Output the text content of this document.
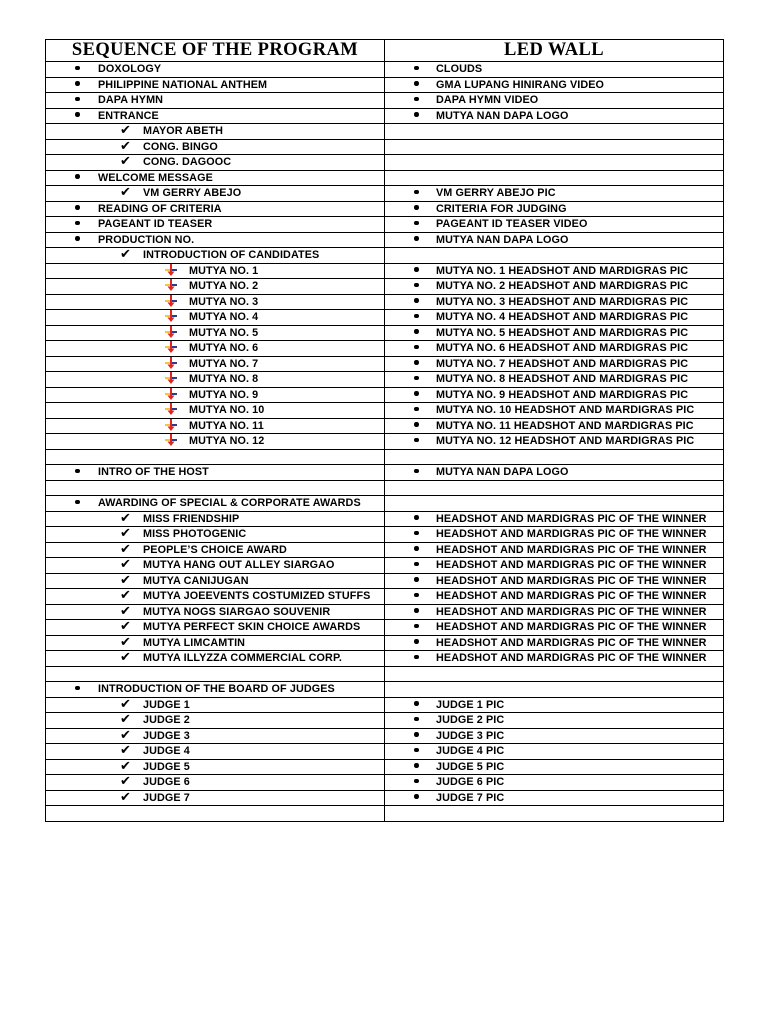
SEQUENCE OF THE PROGRAM	LED WALL

DOXOLOGY	CLOUDS

PHILIPPINE NATIONAL ANTHEM	GMA LUPANG HINIRANG VIDEO

DAPA HYMN	DAPA HYMN VIDEO

ENTRANCE	MUTYA NAN DAPA LOGO

✔ MAYOR ABETH	

✔ CONG. BINGO	

✔ CONG. DAGOOC	

WELCOME MESSAGE	

✔ VM GERRY ABEJO	VM GERRY ABEJO PIC

READING OF CRITERIA	CRITERIA FOR JUDGING

PAGEANT ID TEASER	PAGEANT ID TEASER VIDEO

PRODUCTION NO.	MUTYA NAN DAPA LOGO

✔ INTRODUCTION OF CANDIDATES	

MUTYA NO. 1	MUTYA NO. 1 HEADSHOT AND MARDIGRAS PIC

MUTYA NO. 2	MUTYA NO. 2 HEADSHOT AND MARDIGRAS PIC

MUTYA NO. 3	MUTYA NO. 3 HEADSHOT AND MARDIGRAS PIC

MUTYA NO. 4	MUTYA NO. 4 HEADSHOT AND MARDIGRAS PIC

MUTYA NO. 5	MUTYA NO. 5 HEADSHOT AND MARDIGRAS PIC

MUTYA NO. 6	MUTYA NO. 6 HEADSHOT AND MARDIGRAS PIC

MUTYA NO. 7	MUTYA NO. 7 HEADSHOT AND MARDIGRAS PIC

MUTYA NO. 8	MUTYA NO. 8 HEADSHOT AND MARDIGRAS PIC

MUTYA NO. 9	MUTYA NO. 9 HEADSHOT AND MARDIGRAS PIC

MUTYA NO. 10	MUTYA NO. 10 HEADSHOT AND MARDIGRAS PIC

MUTYA NO. 11	MUTYA NO. 11 HEADSHOT AND MARDIGRAS PIC

MUTYA NO. 12	MUTYA NO. 12 HEADSHOT AND MARDIGRAS PIC

INTRO OF THE HOST	MUTYA NAN DAPA LOGO

AWARDING OF SPECIAL & CORPORATE AWARDS	

✔ MISS FRIENDSHIP	HEADSHOT AND MARDIGRAS PIC OF THE WINNER

✔ MISS PHOTOGENIC	HEADSHOT AND MARDIGRAS PIC OF THE WINNER

✔ PEOPLE’S CHOICE AWARD	HEADSHOT AND MARDIGRAS PIC OF THE WINNER

✔ MUTYA HANG OUT ALLEY SIARGAO	HEADSHOT AND MARDIGRAS PIC OF THE WINNER

✔ MUTYA CANIJUGAN	HEADSHOT AND MARDIGRAS PIC OF THE WINNER

✔ MUTYA JOEEVENTS COSTUMIZED STUFFS	HEADSHOT AND MARDIGRAS PIC OF THE WINNER

✔ MUTYA NOGS SIARGAO SOUVENIR	HEADSHOT AND MARDIGRAS PIC OF THE WINNER

✔ MUTYA PERFECT SKIN CHOICE AWARDS	HEADSHOT AND MARDIGRAS PIC OF THE WINNER

✔ MUTYA LIMCAMTIN	HEADSHOT AND MARDIGRAS PIC OF THE WINNER

✔ MUTYA ILLYZZA COMMERCIAL CORP.	HEADSHOT AND MARDIGRAS PIC OF THE WINNER

INTRODUCTION OF THE BOARD OF JUDGES	

✔ JUDGE 1	JUDGE 1 PIC

✔ JUDGE 2	JUDGE 2 PIC

✔ JUDGE 3	JUDGE 3 PIC

✔ JUDGE 4	JUDGE 4 PIC

✔ JUDGE 5	JUDGE 5 PIC

✔ JUDGE 6	JUDGE 6 PIC

✔ JUDGE 7	JUDGE 7 PIC
